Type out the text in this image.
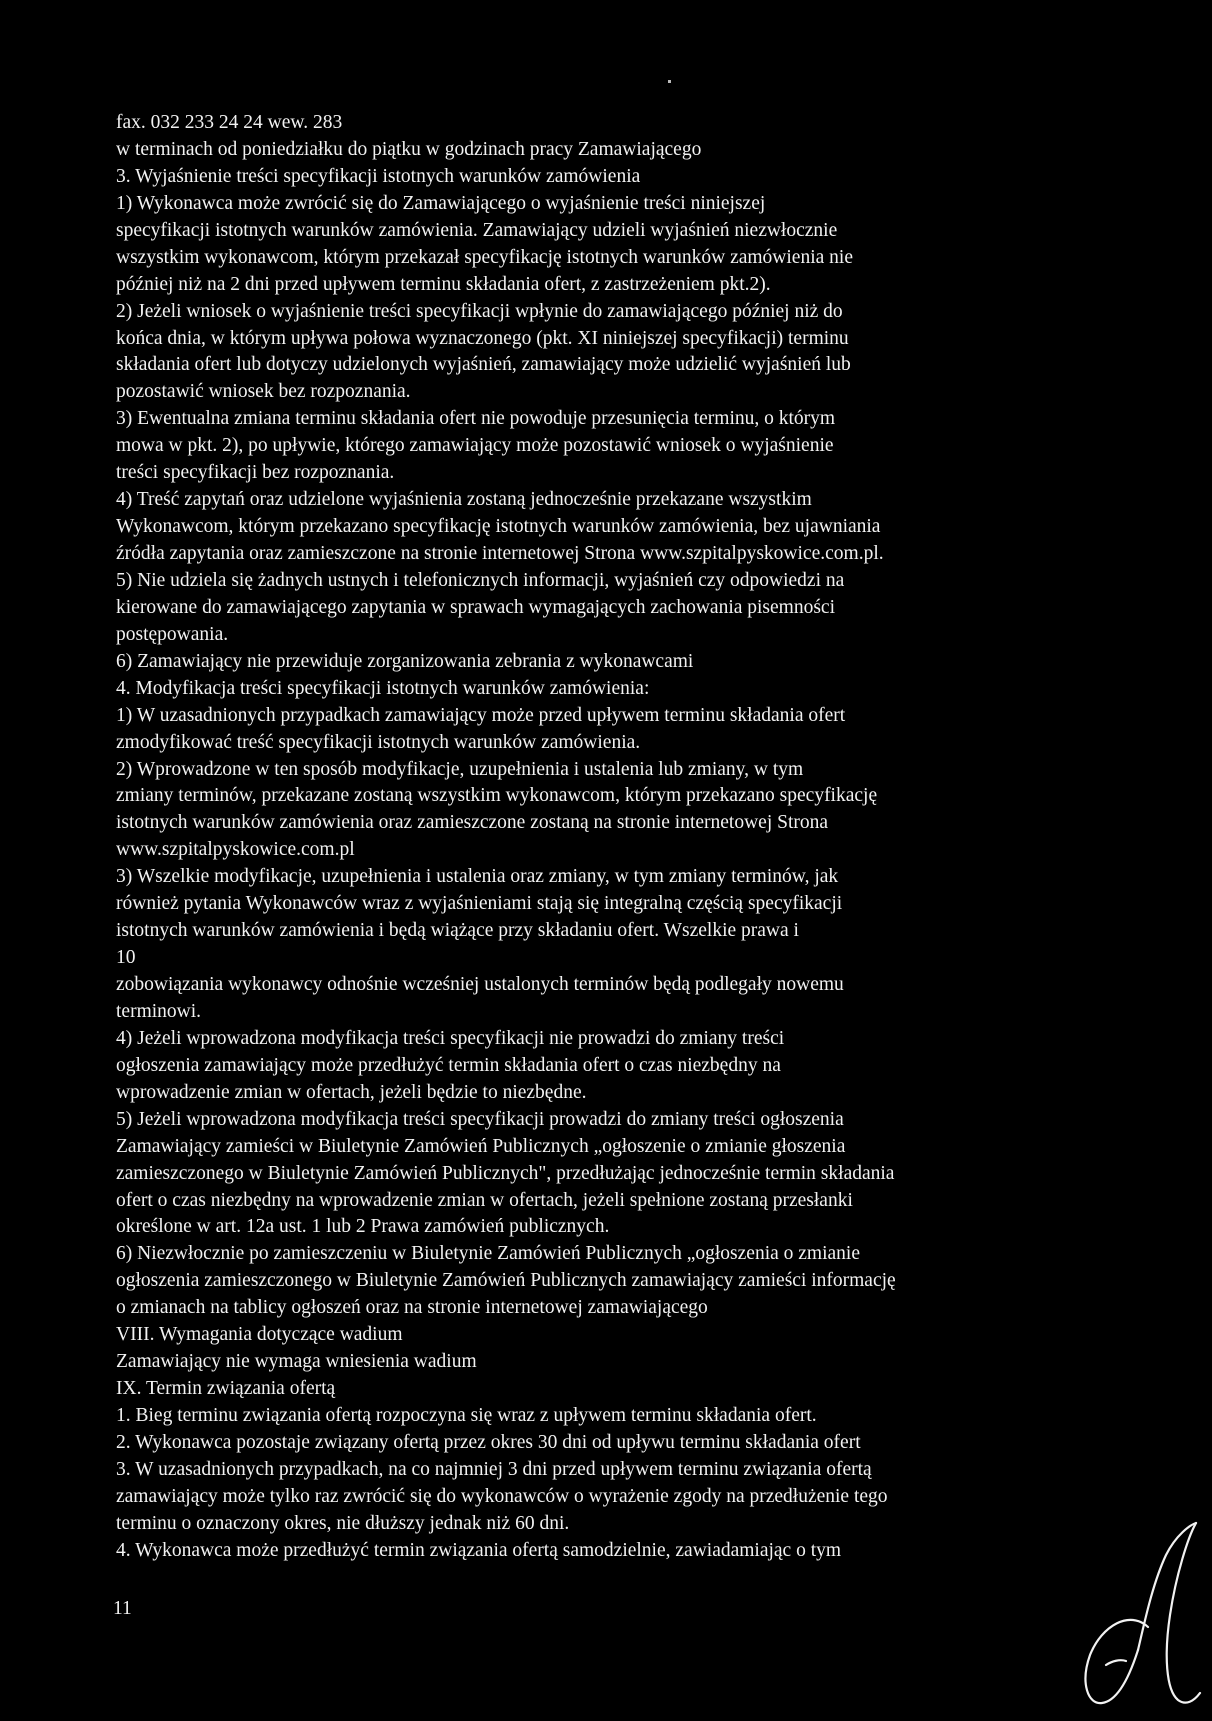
fax. 032 233 24 24 wew. 283
w terminach od poniedziałku do piątku w godzinach pracy Zamawiającego
3. Wyjaśnienie treści specyfikacji istotnych warunków zamówienia
1) Wykonawca może zwrócić się do Zamawiającego o wyjaśnienie treści niniejszej
specyfikacji istotnych warunków zamówienia. Zamawiający udzieli wyjaśnień niezwłocznie
wszystkim wykonawcom, którym przekazał specyfikację istotnych warunków zamówienia nie
później niż na 2 dni przed upływem terminu składania ofert, z zastrzeżeniem pkt.2).
2) Jeżeli wniosek o wyjaśnienie treści specyfikacji wpłynie do zamawiającego później niż do
końca dnia, w którym upływa połowa wyznaczonego (pkt. XI niniejszej specyfikacji) terminu
składania ofert lub dotyczy udzielonych wyjaśnień, zamawiający może udzielić wyjaśnień lub
pozostawić wniosek bez rozpoznania.
3) Ewentualna zmiana terminu składania ofert nie powoduje przesunięcia terminu, o którym
mowa w pkt. 2), po upływie, którego zamawiający może pozostawić wniosek o wyjaśnienie
treści specyfikacji bez rozpoznania.
4) Treść zapytań oraz udzielone wyjaśnienia zostaną jednocześnie przekazane wszystkim
Wykonawcom, którym przekazano specyfikację istotnych warunków zamówienia, bez ujawniania
źródła zapytania oraz zamieszczone na stronie internetowej Strona www.szpitalpyskowice.com.pl.
5) Nie udziela się żadnych ustnych i telefonicznych informacji, wyjaśnień czy odpowiedzi na
kierowane do zamawiającego zapytania w sprawach wymagających zachowania pisemności
postępowania.
6) Zamawiający nie przewiduje zorganizowania zebrania z wykonawcami
4. Modyfikacja treści specyfikacji istotnych warunków zamówienia:
1) W uzasadnionych przypadkach zamawiający może przed upływem terminu składania ofert
zmodyfikować treść specyfikacji istotnych warunków zamówienia.
2) Wprowadzone w ten sposób modyfikacje, uzupełnienia i ustalenia lub zmiany, w tym
zmiany terminów, przekazane zostaną wszystkim wykonawcom, którym przekazano specyfikację
istotnych warunków zamówienia oraz zamieszczone zostaną na stronie internetowej Strona
www.szpitalpyskowice.com.pl
3) Wszelkie modyfikacje, uzupełnienia i ustalenia oraz zmiany, w tym zmiany terminów, jak
również pytania Wykonawców wraz z wyjaśnieniami stają się integralną częścią specyfikacji
istotnych warunków zamówienia i będą wiążące przy składaniu ofert. Wszelkie prawa i
10
zobowiązania wykonawcy odnośnie wcześniej ustalonych terminów będą podlegały nowemu
terminowi.
4) Jeżeli wprowadzona modyfikacja treści specyfikacji nie prowadzi do zmiany treści
ogłoszenia zamawiający może przedłużyć termin składania ofert o czas niezbędny na
wprowadzenie zmian w ofertach, jeżeli będzie to niezbędne.
5) Jeżeli wprowadzona modyfikacja treści specyfikacji prowadzi do zmiany treści ogłoszenia
Zamawiający zamieści w Biuletynie Zamówień Publicznych „ogłoszenie o zmianie głoszenia
zamieszczonego w Biuletynie Zamówień Publicznych", przedłużając jednocześnie termin składania
ofert o czas niezbędny na wprowadzenie zmian w ofertach, jeżeli spełnione zostaną przesłanki
określone w art. 12a ust. 1 lub 2 Prawa zamówień publicznych.
6) Niezwłocznie po zamieszczeniu w Biuletynie Zamówień Publicznych „ogłoszenia o zmianie
ogłoszenia zamieszczonego w Biuletynie Zamówień Publicznych zamawiający zamieści informację
o zmianach na tablicy ogłoszeń oraz na stronie internetowej zamawiającego
VIII. Wymagania dotyczące wadium
Zamawiający nie wymaga wniesienia wadium
IX. Termin związania ofertą
1. Bieg terminu związania ofertą rozpoczyna się wraz z upływem terminu składania ofert.
2. Wykonawca pozostaje związany ofertą przez okres 30 dni od upływu terminu składania ofert
3. W uzasadnionych przypadkach, na co najmniej 3 dni przed upływem terminu związania ofertą
zamawiający może tylko raz zwrócić się do wykonawców o wyrażenie zgody na przedłużenie tego
terminu o oznaczony okres, nie dłuższy jednak niż 60 dni.
4. Wykonawca może przedłużyć termin związania ofertą samodzielnie, zawiadamiając o tym
11
